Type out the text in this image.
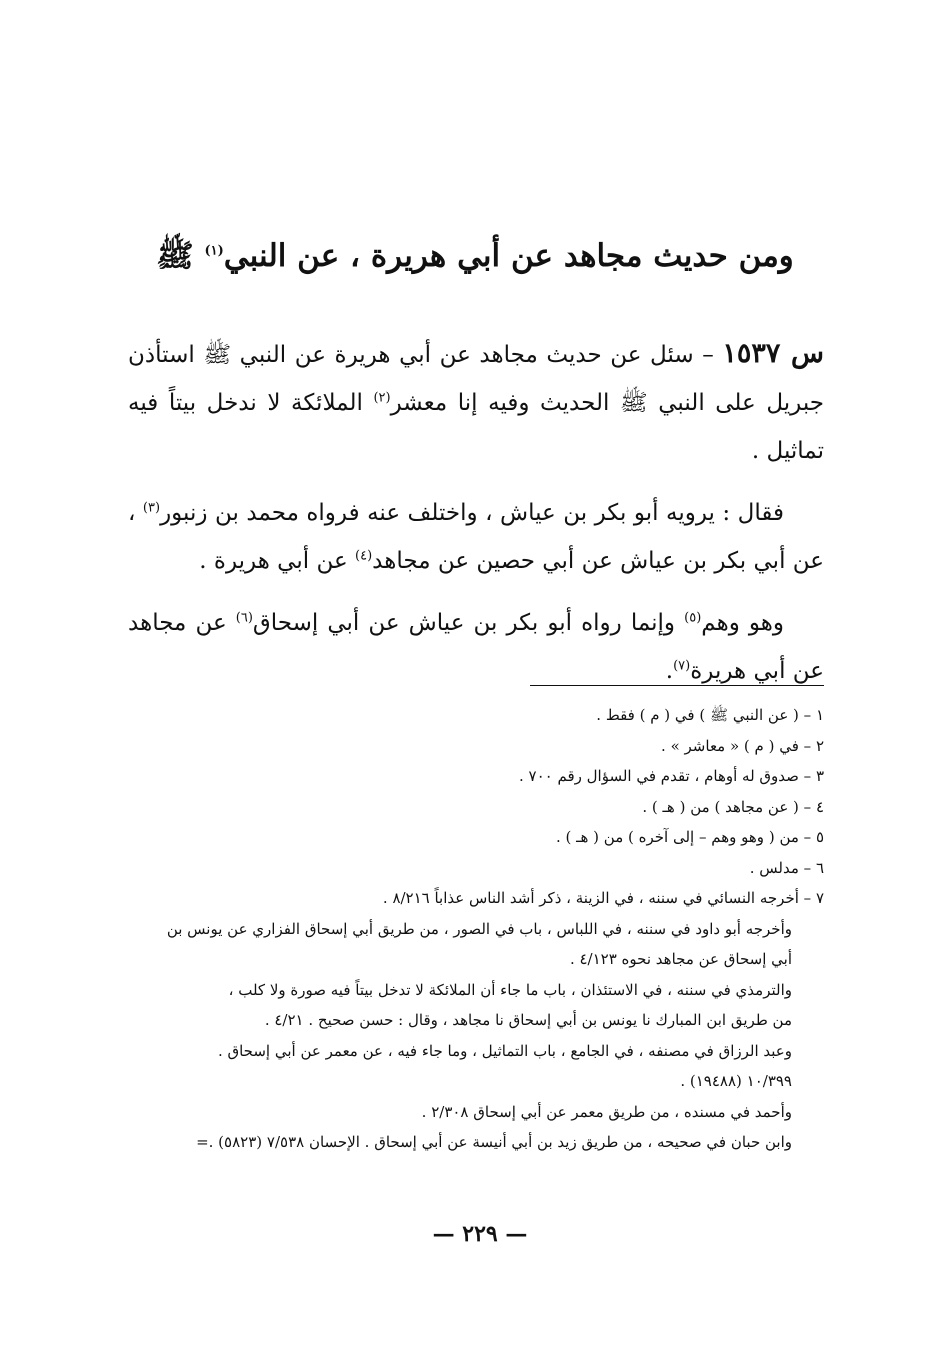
ومن حديث مجاهد عن أبي هريرة ، عن النبي$^{(١)}$ ﷺ

س ١٥٣٧ – سئل عن حديث مجاهد عن أبي هريرة عن النبي ﷺ استأذن جبريل على النبي ﷺ الحديث وفيه إنا معشر$^{(٢)}$ الملائكة لا ندخل بيتاً فيه تماثيل .

فقال : يرويه أبو بكر بن عياش ، واختلف عنه فرواه محمد بن زنبور$^{(٣)}$ ، عن أبي بكر بن عياش عن أبي حصين عن مجاهد$^{(٤)}$ عن أبي هريرة .

وهو وهم$^{(٥)}$ وإنما رواه أبو بكر بن عياش عن أبي إسحاق$^{(٦)}$ عن مجاهد عن أبي هريرة$^{(٧)}$.

١ – ( عن النبي ﷺ ) في ( م ) فقط .
٢ – في ( م ) « معاشر » .
٣ – صدوق له أوهام ، تقدم في السؤال رقم ٧٠٠ .
٤ – ( عن مجاهد ) من ( هـ ) .
٥ – من ( وهو وهم – إلى آخره ) من ( هـ ) .
٦ – مدلس .
٧ – أخرجه النسائي في سننه ، في الزينة ، ذكر أشد الناس عذاباً ٨/٢١٦ .
وأخرجه أبو داود في سننه ، في اللباس ، باب في الصور ، من طريق أبي إسحاق الفزاري عن يونس بن
أبي إسحاق عن مجاهد نحوه ٤/١٢٣ .
والترمذي في سننه ، في الاستئذان ، باب ما جاء أن الملائكة لا تدخل بيتاً فيه صورة ولا كلب ،
من طريق ابن المبارك نا يونس بن أبي إسحاق نا مجاهد ، وقال : حسن صحيح . ٤/٢١ .
وعبد الرزاق في مصنفه ، في الجامع ، باب التماثيل ، وما جاء فيه ، عن معمر عن أبي إسحاق .
١٠/٣٩٩ (١٩٤٨٨) .
وأحمد في مسنده ، من طريق معمر عن أبي إسحاق ٢/٣٠٨ .
وابن حبان في صحيحه ، من طريق زيد بن أبي أنيسة عن أبي إسحاق . الإحسان ٧/٥٣٨ (٥٨٢٣) .=
— ٢٢٩ —
